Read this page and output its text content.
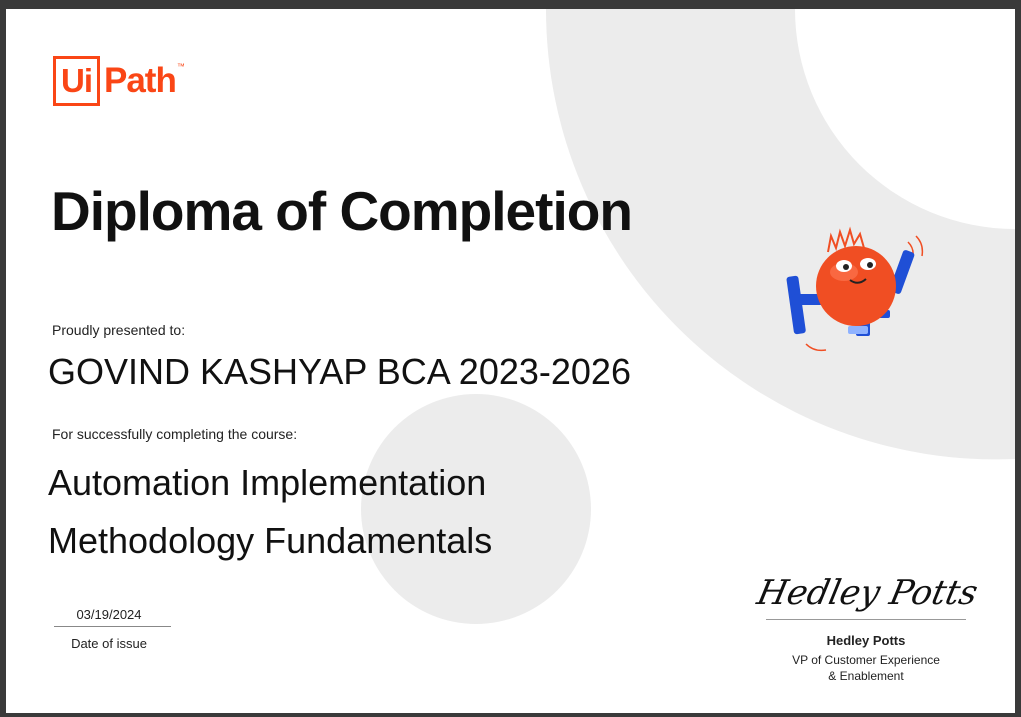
Ui Path ™
Diploma of Completion
Proudly presented to:
GOVIND KASHYAP BCA 2023-2026
For successfully completing the course:
Automation Implementation
Methodology Fundamentals
03/19/2024
Date of issue
Hedley Potts
Hedley Potts
VP of Customer Experience
& Enablement
